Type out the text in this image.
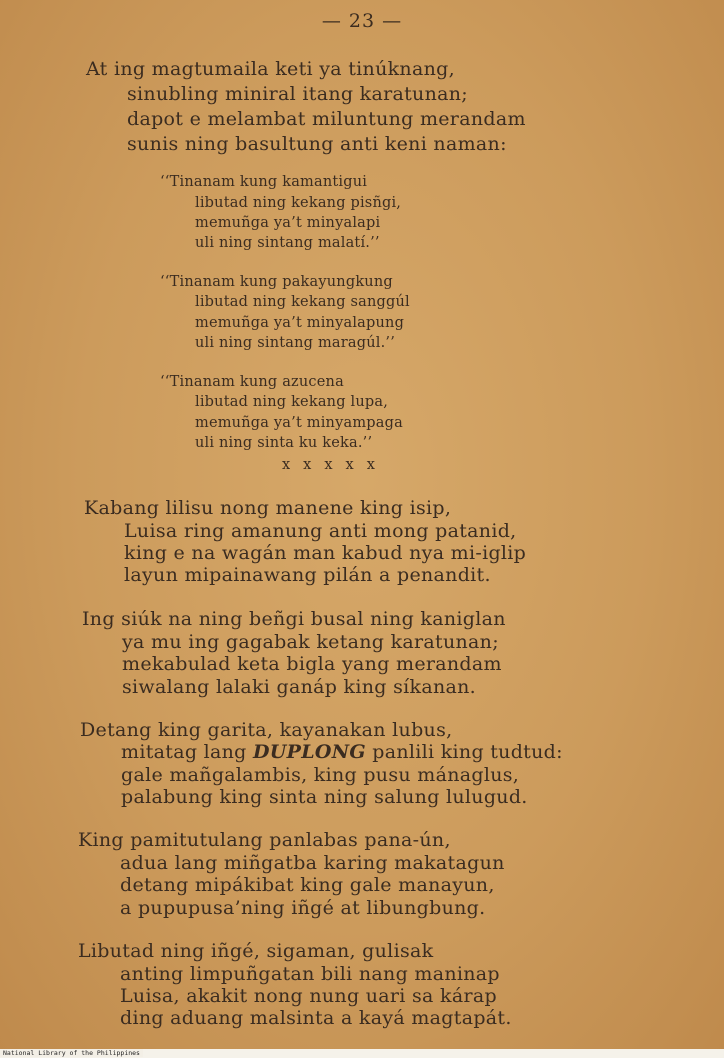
— 23 —
At ing magtumaila keti ya tinúknang,
sinubling miniral itang karatunan;
dapot e melambat miluntung merandam
sunis ning basultung anti keni naman:
‘‘Tinanam kung kamantigui
libutad ning kekang pisñgi,
memuñga ya’t minyalapi
uli ning sintang malatí.’’
‘‘Tinanam kung pakayungkung
libutad ning kekang sanggúl
memuñga ya’t minyalapung
uli ning sintang maragúl.’’
‘‘Tinanam kung azucena
libutad ning kekang lupa,
memuñga ya’t minyampaga
uli ning sinta ku keka.’’
x x x x x
Kabang lilisu nong manene king isip,
Luisa ring amanung anti mong patanid,
king e na wagán man kabud nya mi-iglip
layun mipainawang pilán a penandit.
Ing siúk na ning beñgi busal ning kaniglan
ya mu ing gagabak ketang karatunan;
mekabulad keta bigla yang merandam
siwalang lalaki ganáp king síkanan.
Detang king garita, kayanakan lubus,
mitatag lang DUPLONG panlili king tudtud:
gale mañgalambis, king pusu mánaglus,
palabung king sinta ning salung lulugud.
King pamitutulang panlabas pana-ún,
adua lang miñgatba karing makatagun
detang mipákibat king gale manayun,
a pupupusa’ning iñgé at libungbung.
Libutad ning iñgé, sigaman, gulisak
anting limpuñgatan bili nang maninap
Luisa, akakit nong nung uari sa kárap
ding aduang malsinta a kayá magtapát.
National Library of the Philippines
